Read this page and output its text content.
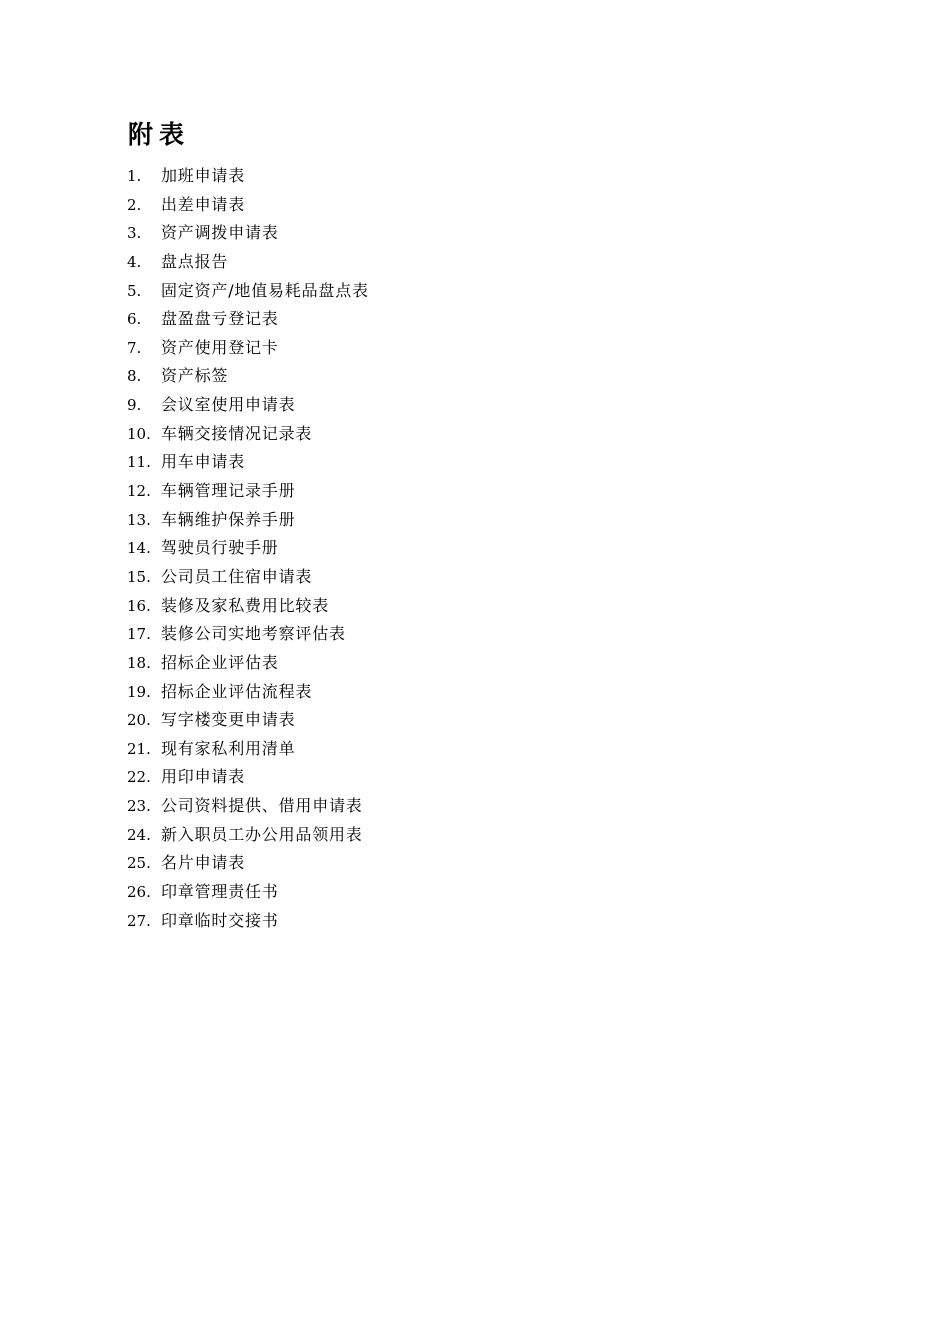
附表
1.	加班申请表
2.	出差申请表
3.	资产调拨申请表
4.	盘点报告
5.	固定资产/地值易耗品盘点表
6.	盘盈盘亏登记表
7.	资产使用登记卡
8.	资产标签
9.	会议室使用申请表
10. 车辆交接情况记录表
11. 用车申请表
12. 车辆管理记录手册
13. 车辆维护保养手册
14. 驾驶员行驶手册
15. 公司员工住宿申请表
16. 装修及家私费用比较表
17. 装修公司实地考察评估表
18. 招标企业评估表
19. 招标企业评估流程表
20. 写字楼变更申请表
21. 现有家私利用清单
22. 用印申请表
23. 公司资料提供、借用申请表
24. 新入职员工办公用品领用表
25. 名片申请表
26. 印章管理责任书
27. 印章临时交接书
